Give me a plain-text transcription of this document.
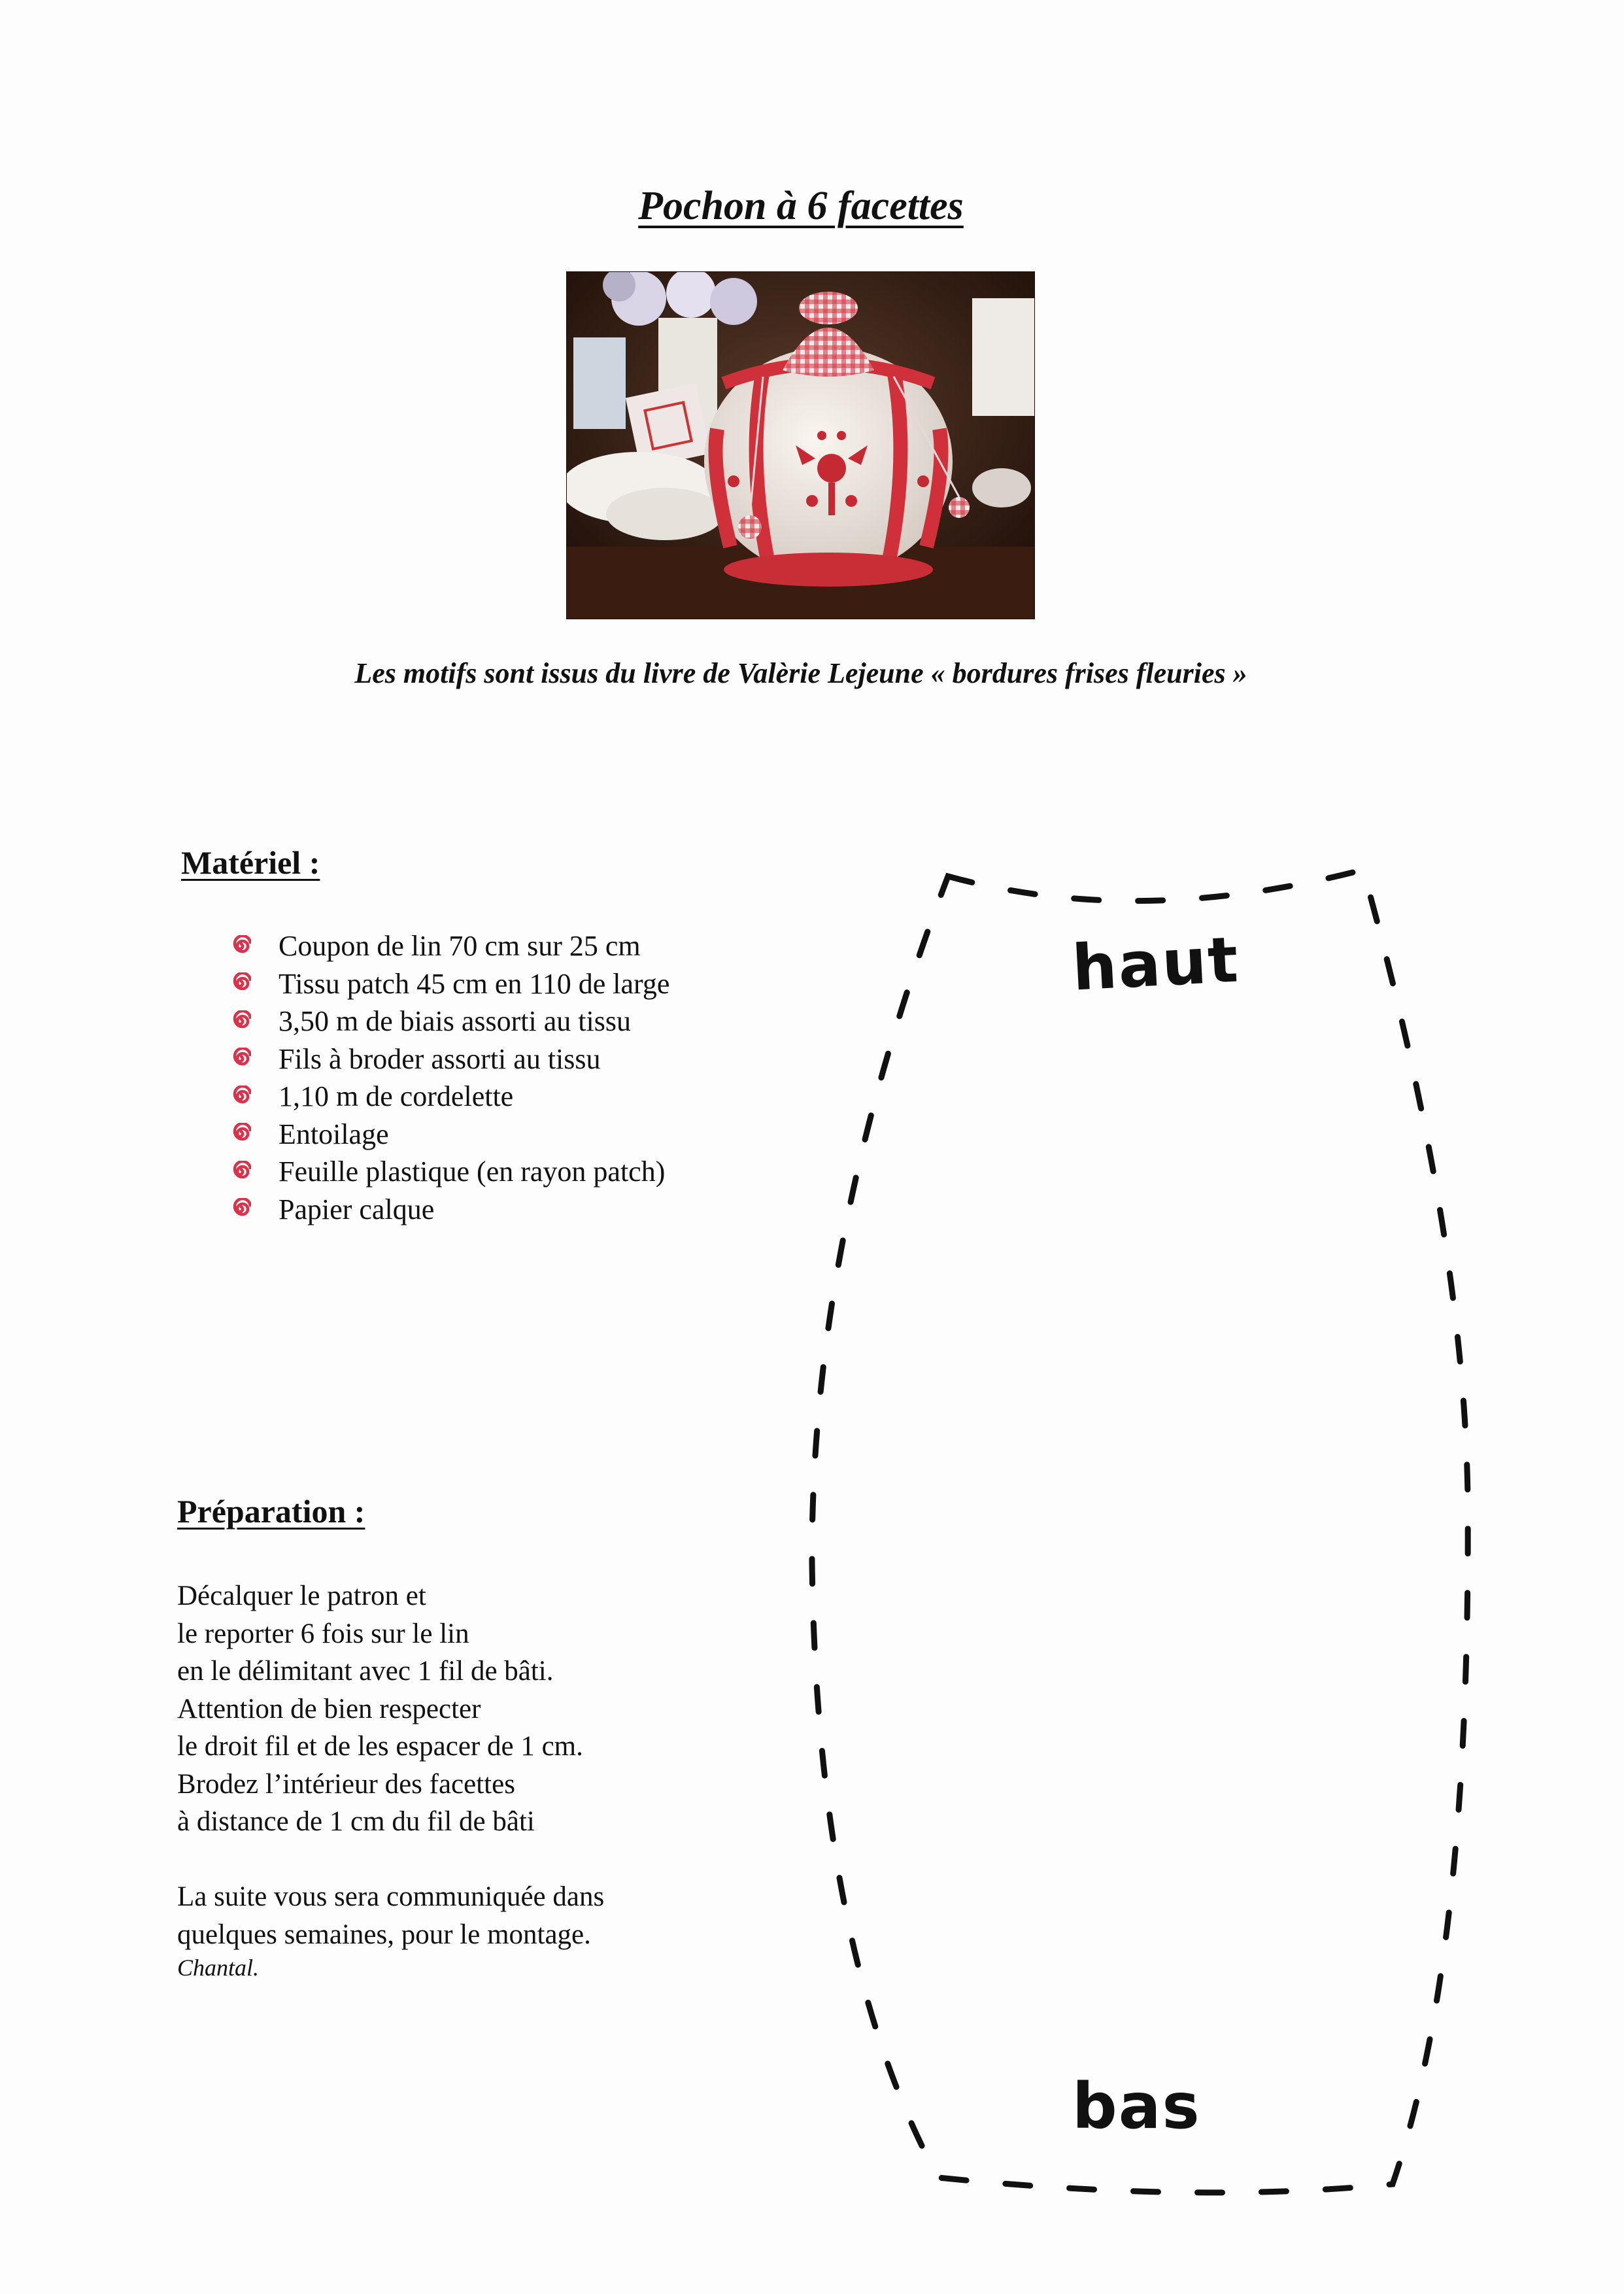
Pochon à 6 facettes
Les motifs sont issus du livre de Valèrie Lejeune « bordures frises fleuries »
Matériel :
Coupon de lin 70 cm sur 25 cm
Tissu patch 45 cm en 110 de large
3,50 m de biais assorti au tissu
Fils à broder assorti au tissu
1,10 m de cordelette
Entoilage
Feuille plastique (en rayon patch)
Papier calque
Préparation :
Décalquer le patron et
le reporter 6 fois sur le lin
en le délimitant avec 1 fil de bâti.
Attention de bien respecter
le droit fil et de les espacer de 1 cm.
Brodez l’intérieur des facettes
à distance de 1 cm du fil de bâti
La suite vous sera communiquée dans
quelques semaines, pour le montage.
Chantal.
haut
bas
